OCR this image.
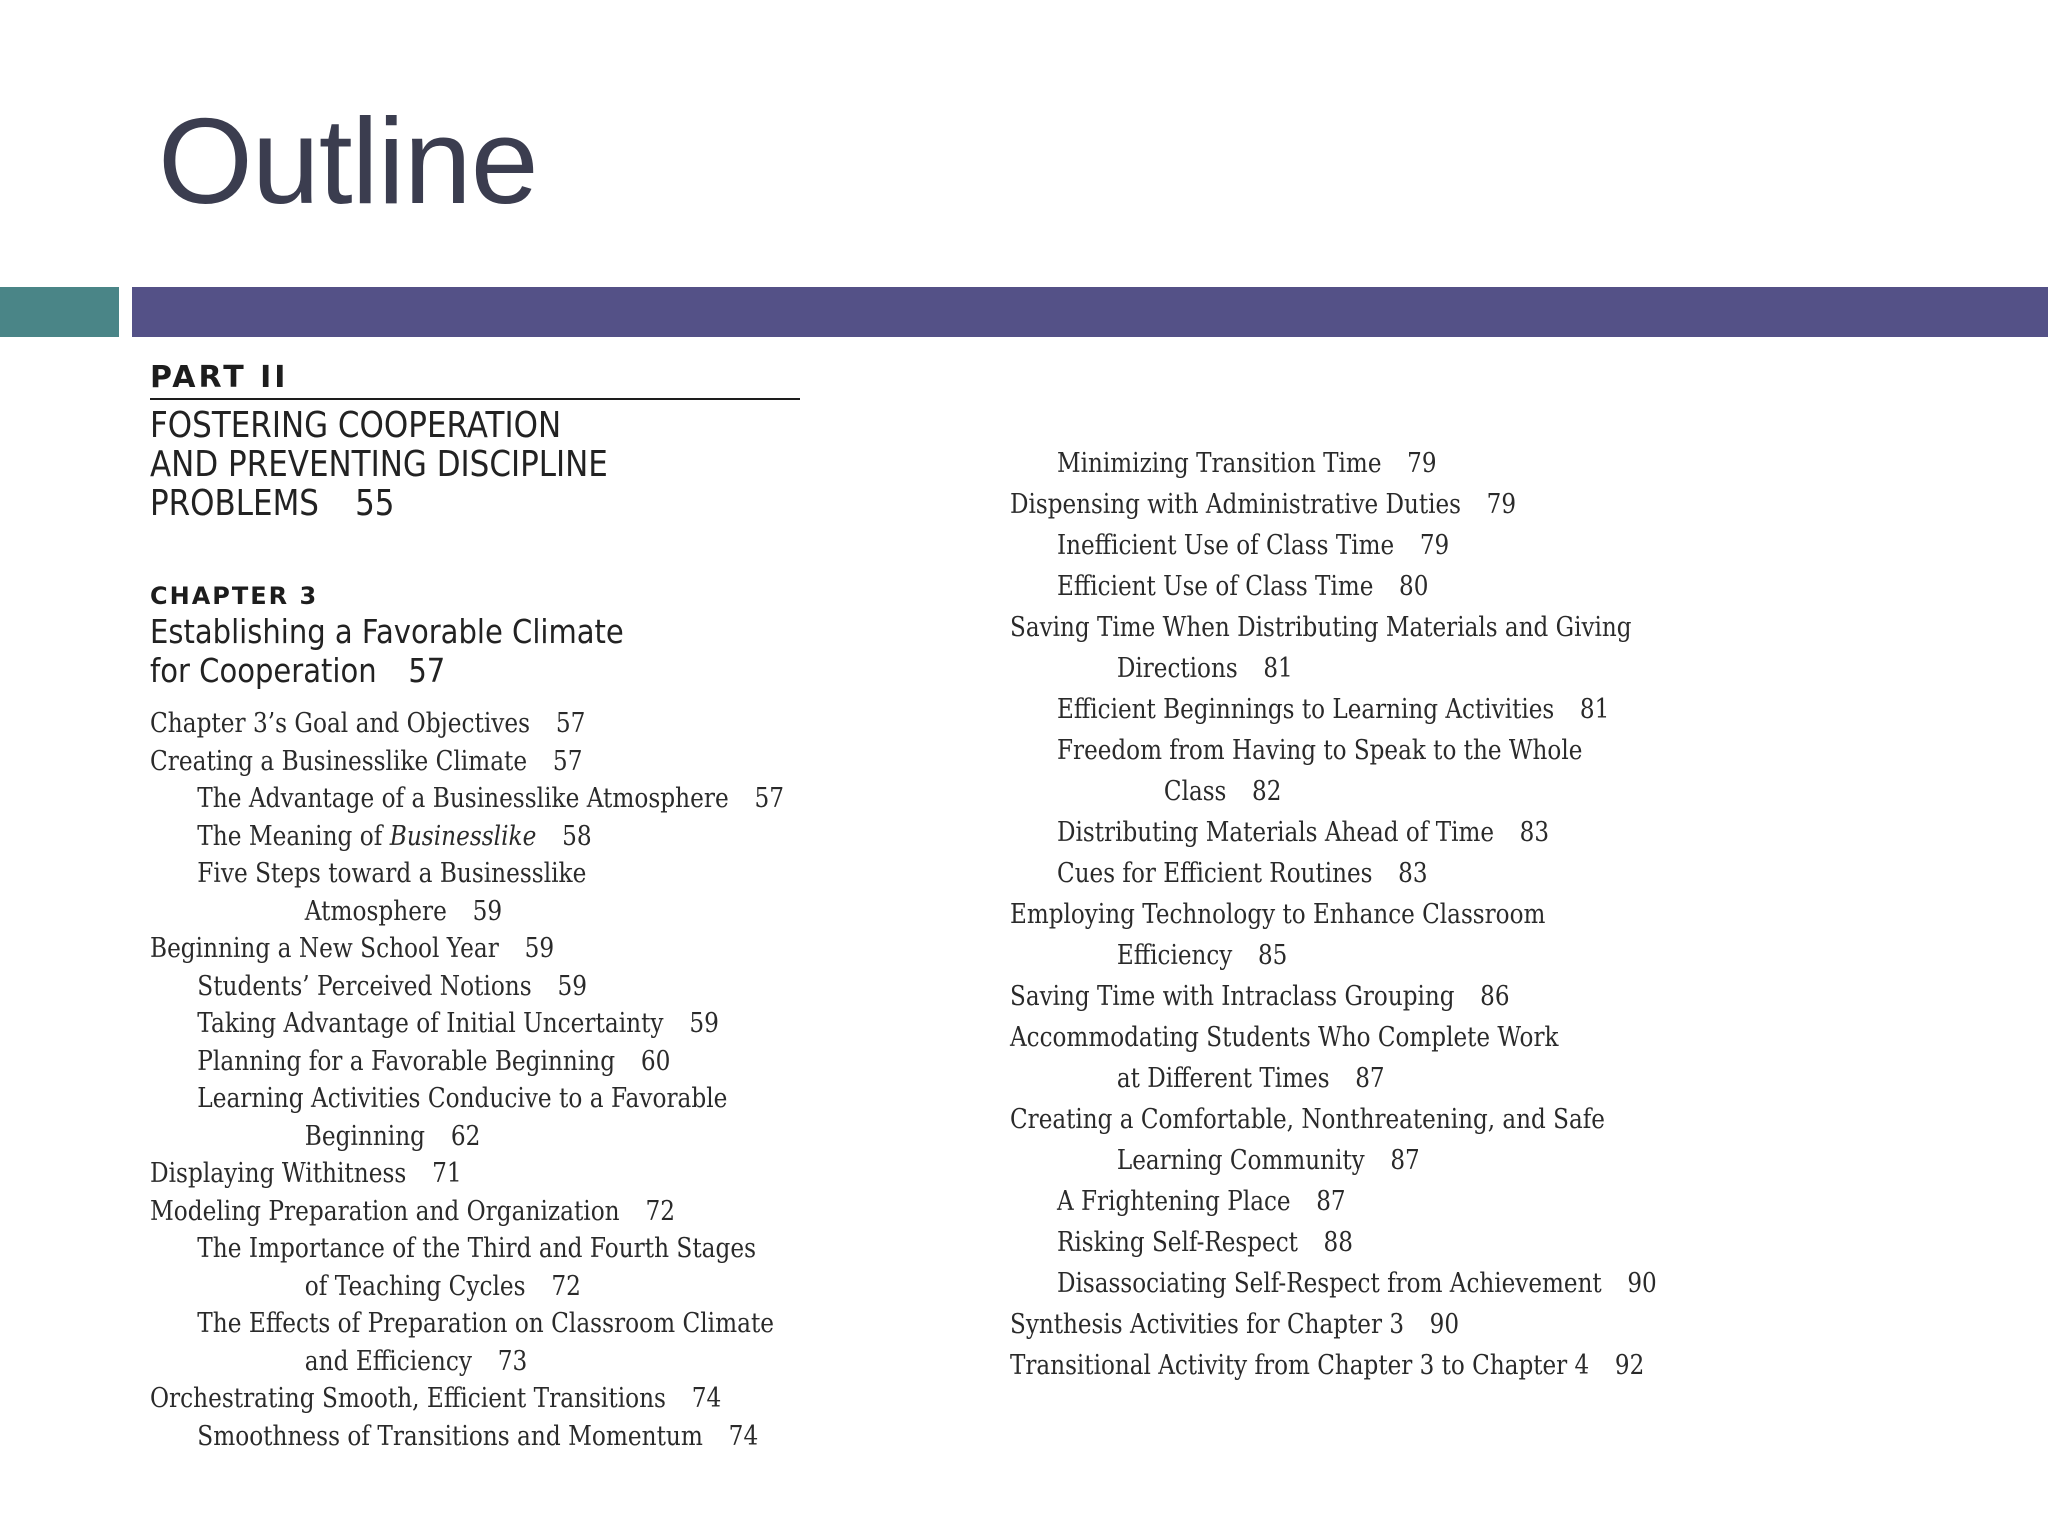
Outline
PART II
FOSTERING COOPERATION
AND PREVENTING DISCIPLINE
PROBLEMS 55
CHAPTER 3
Establishing a Favorable Climate
for Cooperation 57
Chapter 3’s Goal and Objectives 57
Creating a Businesslike Climate 57
The Advantage of a Businesslike Atmosphere 57
The Meaning of Businesslike 58
Five Steps toward a Businesslike
Atmosphere 59
Beginning a New School Year 59
Students’ Perceived Notions 59
Taking Advantage of Initial Uncertainty 59
Planning for a Favorable Beginning 60
Learning Activities Conducive to a Favorable
Beginning 62
Displaying Withitness 71
Modeling Preparation and Organization 72
The Importance of the Third and Fourth Stages
of Teaching Cycles 72
The Effects of Preparation on Classroom Climate
and Efficiency 73
Orchestrating Smooth, Efficient Transitions 74
Smoothness of Transitions and Momentum 74
Minimizing Transition Time 79
Dispensing with Administrative Duties 79
Inefficient Use of Class Time 79
Efficient Use of Class Time 80
Saving Time When Distributing Materials and Giving
Directions 81
Efficient Beginnings to Learning Activities 81
Freedom from Having to Speak to the Whole
Class 82
Distributing Materials Ahead of Time 83
Cues for Efficient Routines 83
Employing Technology to Enhance Classroom
Efficiency 85
Saving Time with Intraclass Grouping 86
Accommodating Students Who Complete Work
at Different Times 87
Creating a Comfortable, Nonthreatening, and Safe
Learning Community 87
A Frightening Place 87
Risking Self-Respect 88
Disassociating Self-Respect from Achievement 90
Synthesis Activities for Chapter 3 90
Transitional Activity from Chapter 3 to Chapter 4 92
